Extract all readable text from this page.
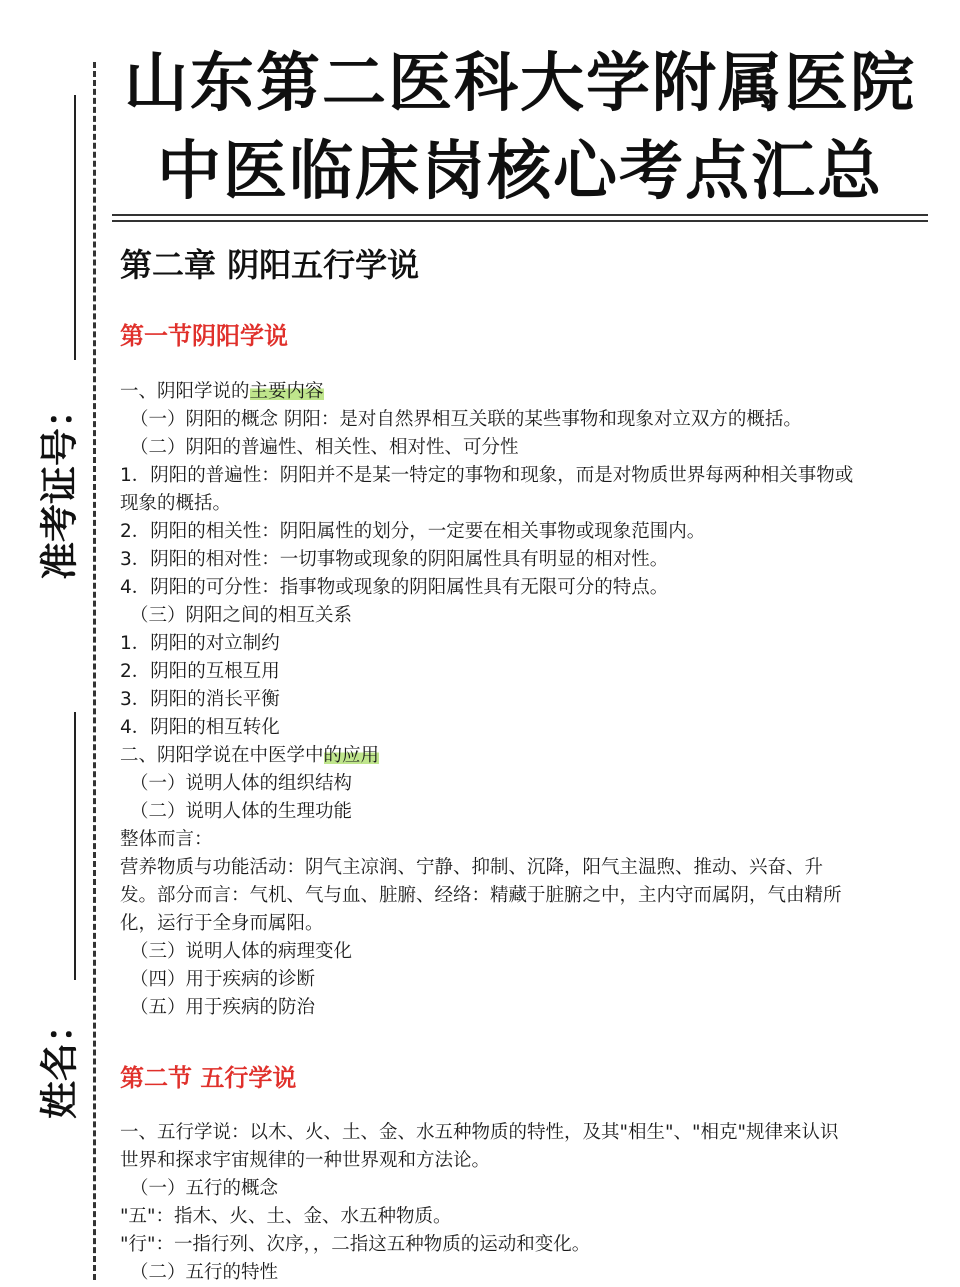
准考证号：
姓名：
山东第二医科大学附属医院
中医临床岗核心考点汇总
第二章 阴阳五行学说
第一节阴阳学说
一、阴阳学说的主要内容
（一）阴阳的概念 阴阳：是对自然界相互关联的某些事物和现象对立双方的概括。
（二）阴阳的普遍性、相关性、相对性、可分性
1．阴阳的普遍性：阴阳并不是某一特定的事物和现象，而是对物质世界每两种相关事物或
现象的概括。
2．阴阳的相关性：阴阳属性的划分，一定要在相关事物或现象范围内。
3．阴阳的相对性：一切事物或现象的阴阳属性具有明显的相对性。
4．阴阳的可分性：指事物或现象的阴阳属性具有无限可分的特点。
（三）阴阳之间的相互关系
1．阴阳的对立制约
2．阴阳的互根互用
3．阴阳的消长平衡
4．阴阳的相互转化
二、阴阳学说在中医学中的应用
（一）说明人体的组织结构
（二）说明人体的生理功能
整体而言：
营养物质与功能活动：阴气主凉润、宁静、抑制、沉降，阳气主温煦、推动、兴奋、升
发。部分而言：气机、气与血、脏腑、经络：精藏于脏腑之中，主内守而属阴，气由精所
化，运行于全身而属阳。
（三）说明人体的病理变化
（四）用于疾病的诊断
（五）用于疾病的防治
第二节 五行学说
一、五行学说：以木、火、土、金、水五种物质的特性，及其"相生"、"相克"规律来认识
世界和探求宇宙规律的一种世界观和方法论。
（一）五行的概念
"五"：指木、火、土、金、水五种物质。
"行"：一指行列、次序，，二指这五种物质的运动和变化。
（二）五行的特性
